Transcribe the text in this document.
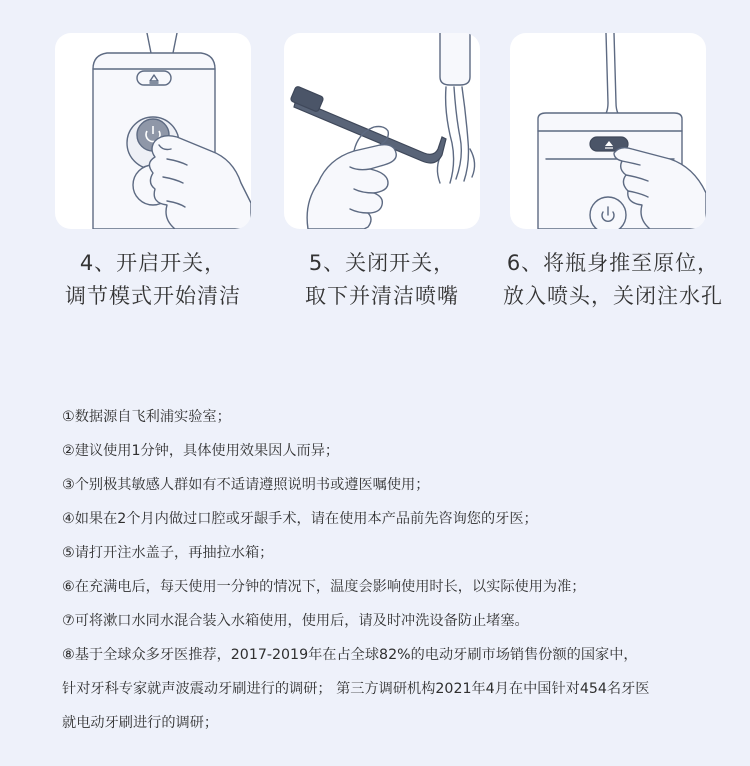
4、开启开关，
调节模式开始清洁
5、关闭开关，
取下并清洁喷嘴
6、将瓶身推至原位，
放入喷头，关闭注水孔
①数据源自飞利浦实验室；
②建议使用1分钟，具体使用效果因人而异；
③个别极其敏感人群如有不适请遵照说明书或遵医嘱使用；
④如果在2个月内做过口腔或牙龈手术，请在使用本产品前先咨询您的牙医；
⑤请打开注水盖子，再抽拉水箱；
⑥在充满电后，每天使用一分钟的情况下，温度会影响使用时长，以实际使用为准；
⑦可将漱口水同水混合装入水箱使用，使用后，请及时冲洗设备防止堵塞。
⑧基于全球众多牙医推荐，2017-2019年在占全球82%的电动牙刷市场销售份额的国家中，
针对牙科专家就声波震动牙刷进行的调研； 第三方调研机构2021年4月在中国针对454名牙医
就电动牙刷进行的调研；
